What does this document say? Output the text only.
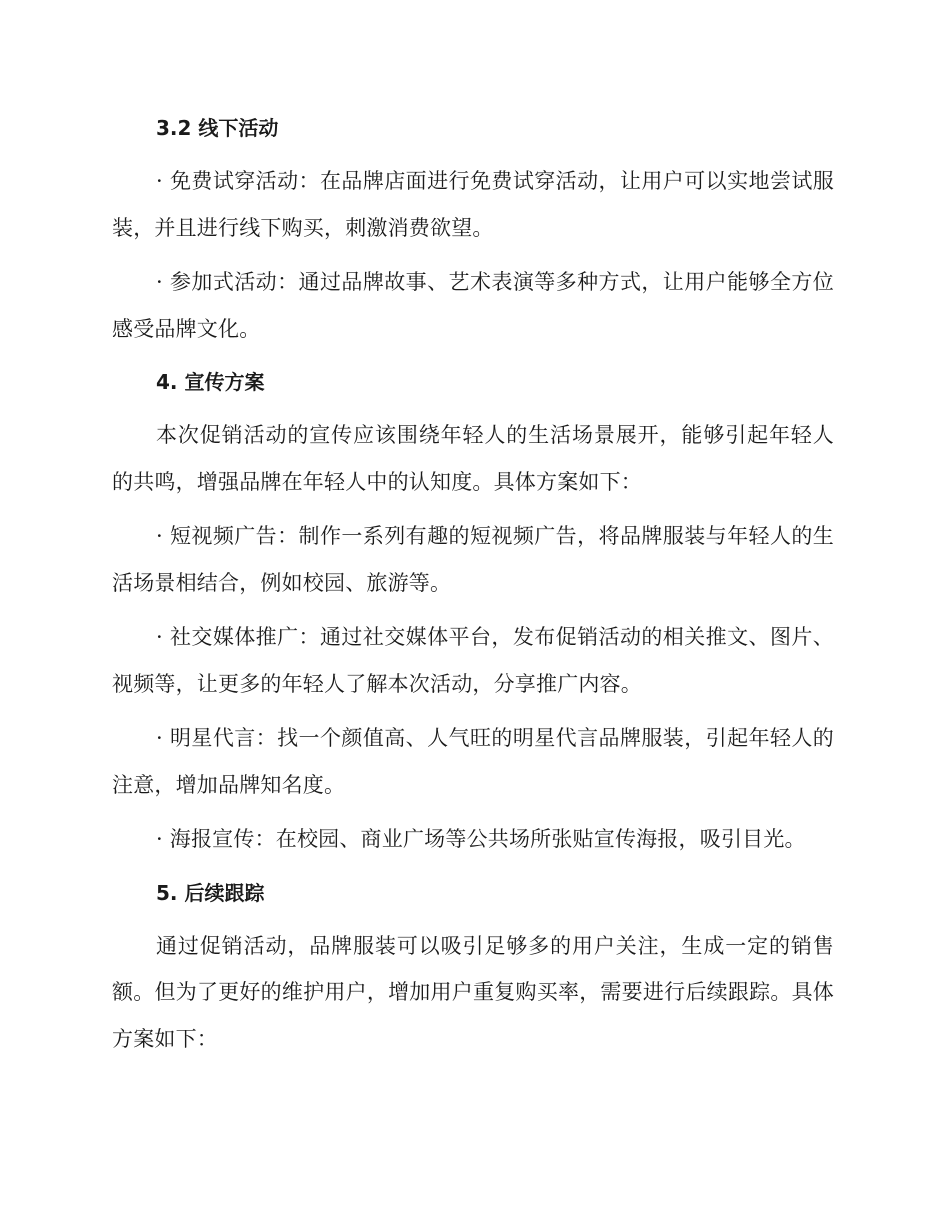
3.2 线下活动

· 免费试穿活动：在品牌店面进行免费试穿活动，让用户可以实地尝试服装，并且进行线下购买，刺激消费欲望。

· 参加式活动：通过品牌故事、艺术表演等多种方式，让用户能够全方位感受品牌文化。

4. 宣传方案

本次促销活动的宣传应该围绕年轻人的生活场景展开，能够引起年轻人的共鸣，增强品牌在年轻人中的认知度。具体方案如下：

· 短视频广告：制作一系列有趣的短视频广告，将品牌服装与年轻人的生活场景相结合，例如校园、旅游等。

· 社交媒体推广：通过社交媒体平台，发布促销活动的相关推文、图片、视频等，让更多的年轻人了解本次活动，分享推广内容。

· 明星代言：找一个颜值高、人气旺的明星代言品牌服装，引起年轻人的注意，增加品牌知名度。

· 海报宣传：在校园、商业广场等公共场所张贴宣传海报，吸引目光。

5. 后续跟踪

通过促销活动，品牌服装可以吸引足够多的用户关注，生成一定的销售额。但为了更好的维护用户，增加用户重复购买率，需要进行后续跟踪。具体方案如下：
